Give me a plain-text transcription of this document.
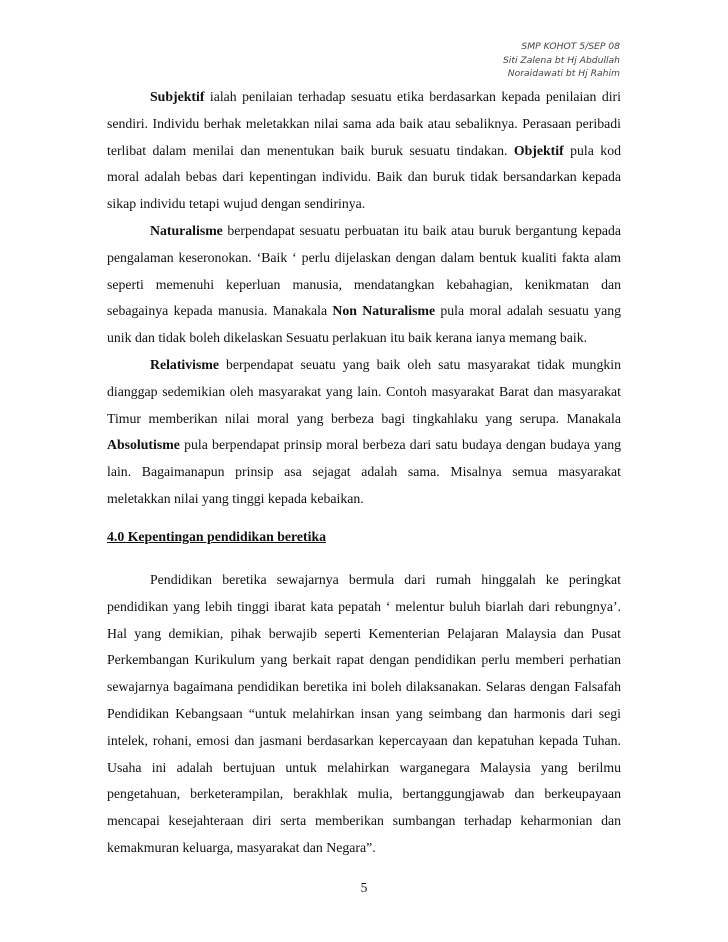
SMP KOHOT 5/SEP 08
Siti Zalena bt Hj Abdullah
Noraidawati bt Hj Rahim

Subjektif ialah penilaian terhadap sesuatu etika berdasarkan kepada penilaian diri sendiri. Individu berhak meletakkan nilai sama ada baik atau sebaliknya. Perasaan peribadi terlibat dalam menilai dan menentukan baik buruk sesuatu tindakan. Objektif pula kod moral adalah bebas dari kepentingan individu. Baik dan buruk tidak bersandarkan kepada sikap individu tetapi wujud dengan sendirinya.

Naturalisme berpendapat sesuatu perbuatan itu baik atau buruk bergantung kepada pengalaman keseronokan. ‘Baik ‘ perlu dijelaskan dengan dalam bentuk kualiti fakta alam seperti memenuhi keperluan manusia, mendatangkan kebahagian, kenikmatan dan sebagainya kepada manusia. Manakala Non Naturalisme pula moral adalah sesuatu yang unik dan tidak boleh dikelaskan Sesuatu perlakuan itu baik kerana ianya memang baik.

Relativisme berpendapat seuatu yang baik oleh satu masyarakat tidak mungkin dianggap sedemikian oleh masyarakat yang lain. Contoh masyarakat Barat dan masyarakat Timur memberikan nilai moral yang berbeza bagi tingkahlaku yang serupa. Manakala Absolutisme pula berpendapat prinsip moral berbeza dari satu budaya dengan budaya yang lain. Bagaimanapun prinsip asa sejagat adalah sama. Misalnya semua masyarakat meletakkan nilai yang tinggi kepada kebaikan.

4.0 Kepentingan pendidikan beretika

Pendidikan beretika sewajarnya bermula dari rumah hinggalah ke peringkat pendidikan yang lebih tinggi ibarat kata pepatah ‘ melentur buluh biarlah dari rebungnya’. Hal yang demikian, pihak berwajib seperti Kementerian Pelajaran Malaysia dan Pusat Perkembangan Kurikulum yang berkait rapat dengan pendidikan perlu memberi perhatian sewajarnya bagaimana pendidikan beretika ini boleh dilaksanakan. Selaras dengan Falsafah Pendidikan Kebangsaan “untuk melahirkan insan yang seimbang dan harmonis dari segi intelek, rohani, emosi dan jasmani berdasarkan kepercayaan dan kepatuhan kepada Tuhan. Usaha ini adalah bertujuan untuk melahirkan warganegara Malaysia yang berilmu pengetahuan, berketerampilan, berakhlak mulia, bertanggungjawab dan berkeupayaan mencapai kesejahteraan diri serta memberikan sumbangan terhadap keharmonian dan kemakmuran keluarga, masyarakat dan Negara”.

5
